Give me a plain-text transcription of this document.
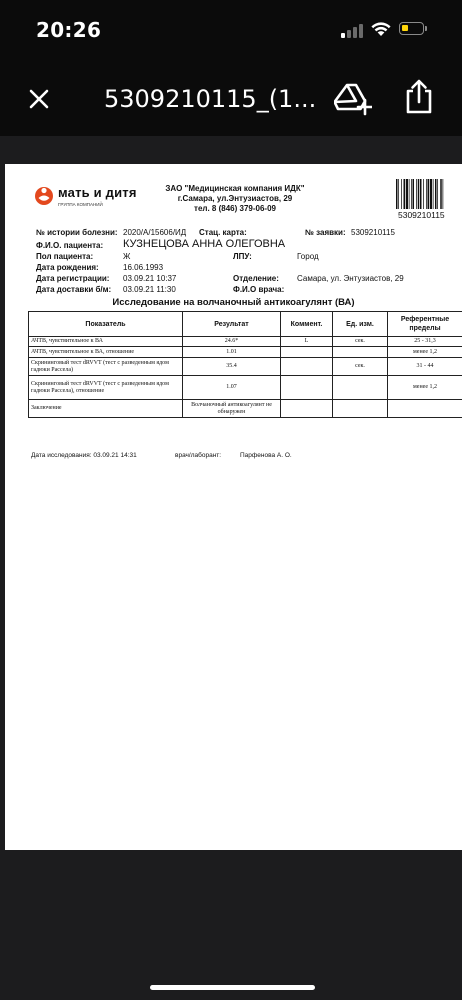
20:26
5309210115_(1...
мать и дитя
ГРУППА КОМПАНИЙ
ЗАО "Медицинская компания ИДК"
г.Самара, ул.Энтузиастов, 29
тел. 8 (846) 379-06-09
5309210115
№ истории болезни: 2020/А/15606/ИД Стац. карта:	№ заявки: 5309210115
Ф.И.О. пациента: КУЗНЕЦОВА АННА ОЛЕГОВНА
Пол пациента:	Ж	ЛПУ:	Город
Дата рождения:	16.06.1993
Дата регистрации: 03.09.21 10:37	Отделение: Самара, ул. Энтузиастов, 29
Дата доставки б/м: 03.09.21 11:30	Ф.И.О врача:
Исследование на волчаночный антикоагулянт (ВА)
Показатель	Результат	Коммент.	Ед. изм.	Референтные пределы
АЧТВ, чувствительное к ВА	24.6*	L	сек.	25 - 31,3
АЧТВ, чувствительное к ВА, отношение	1.01			менее 1,2
Скрининговый тест dRVVT (тест с разведенным ядом гадюки Рассела)	35.4		сек.	31 - 44
Скрининговый тест dRVVT (тест с разведенным ядом гадюки Рассела), отношение	1.07			менее 1,2
Заключение	Волчаночный антикоагулянт не обнаружен			
Дата исследования: 03.09.21 14:31	врач/лаборант:	Парфенова А. О.
